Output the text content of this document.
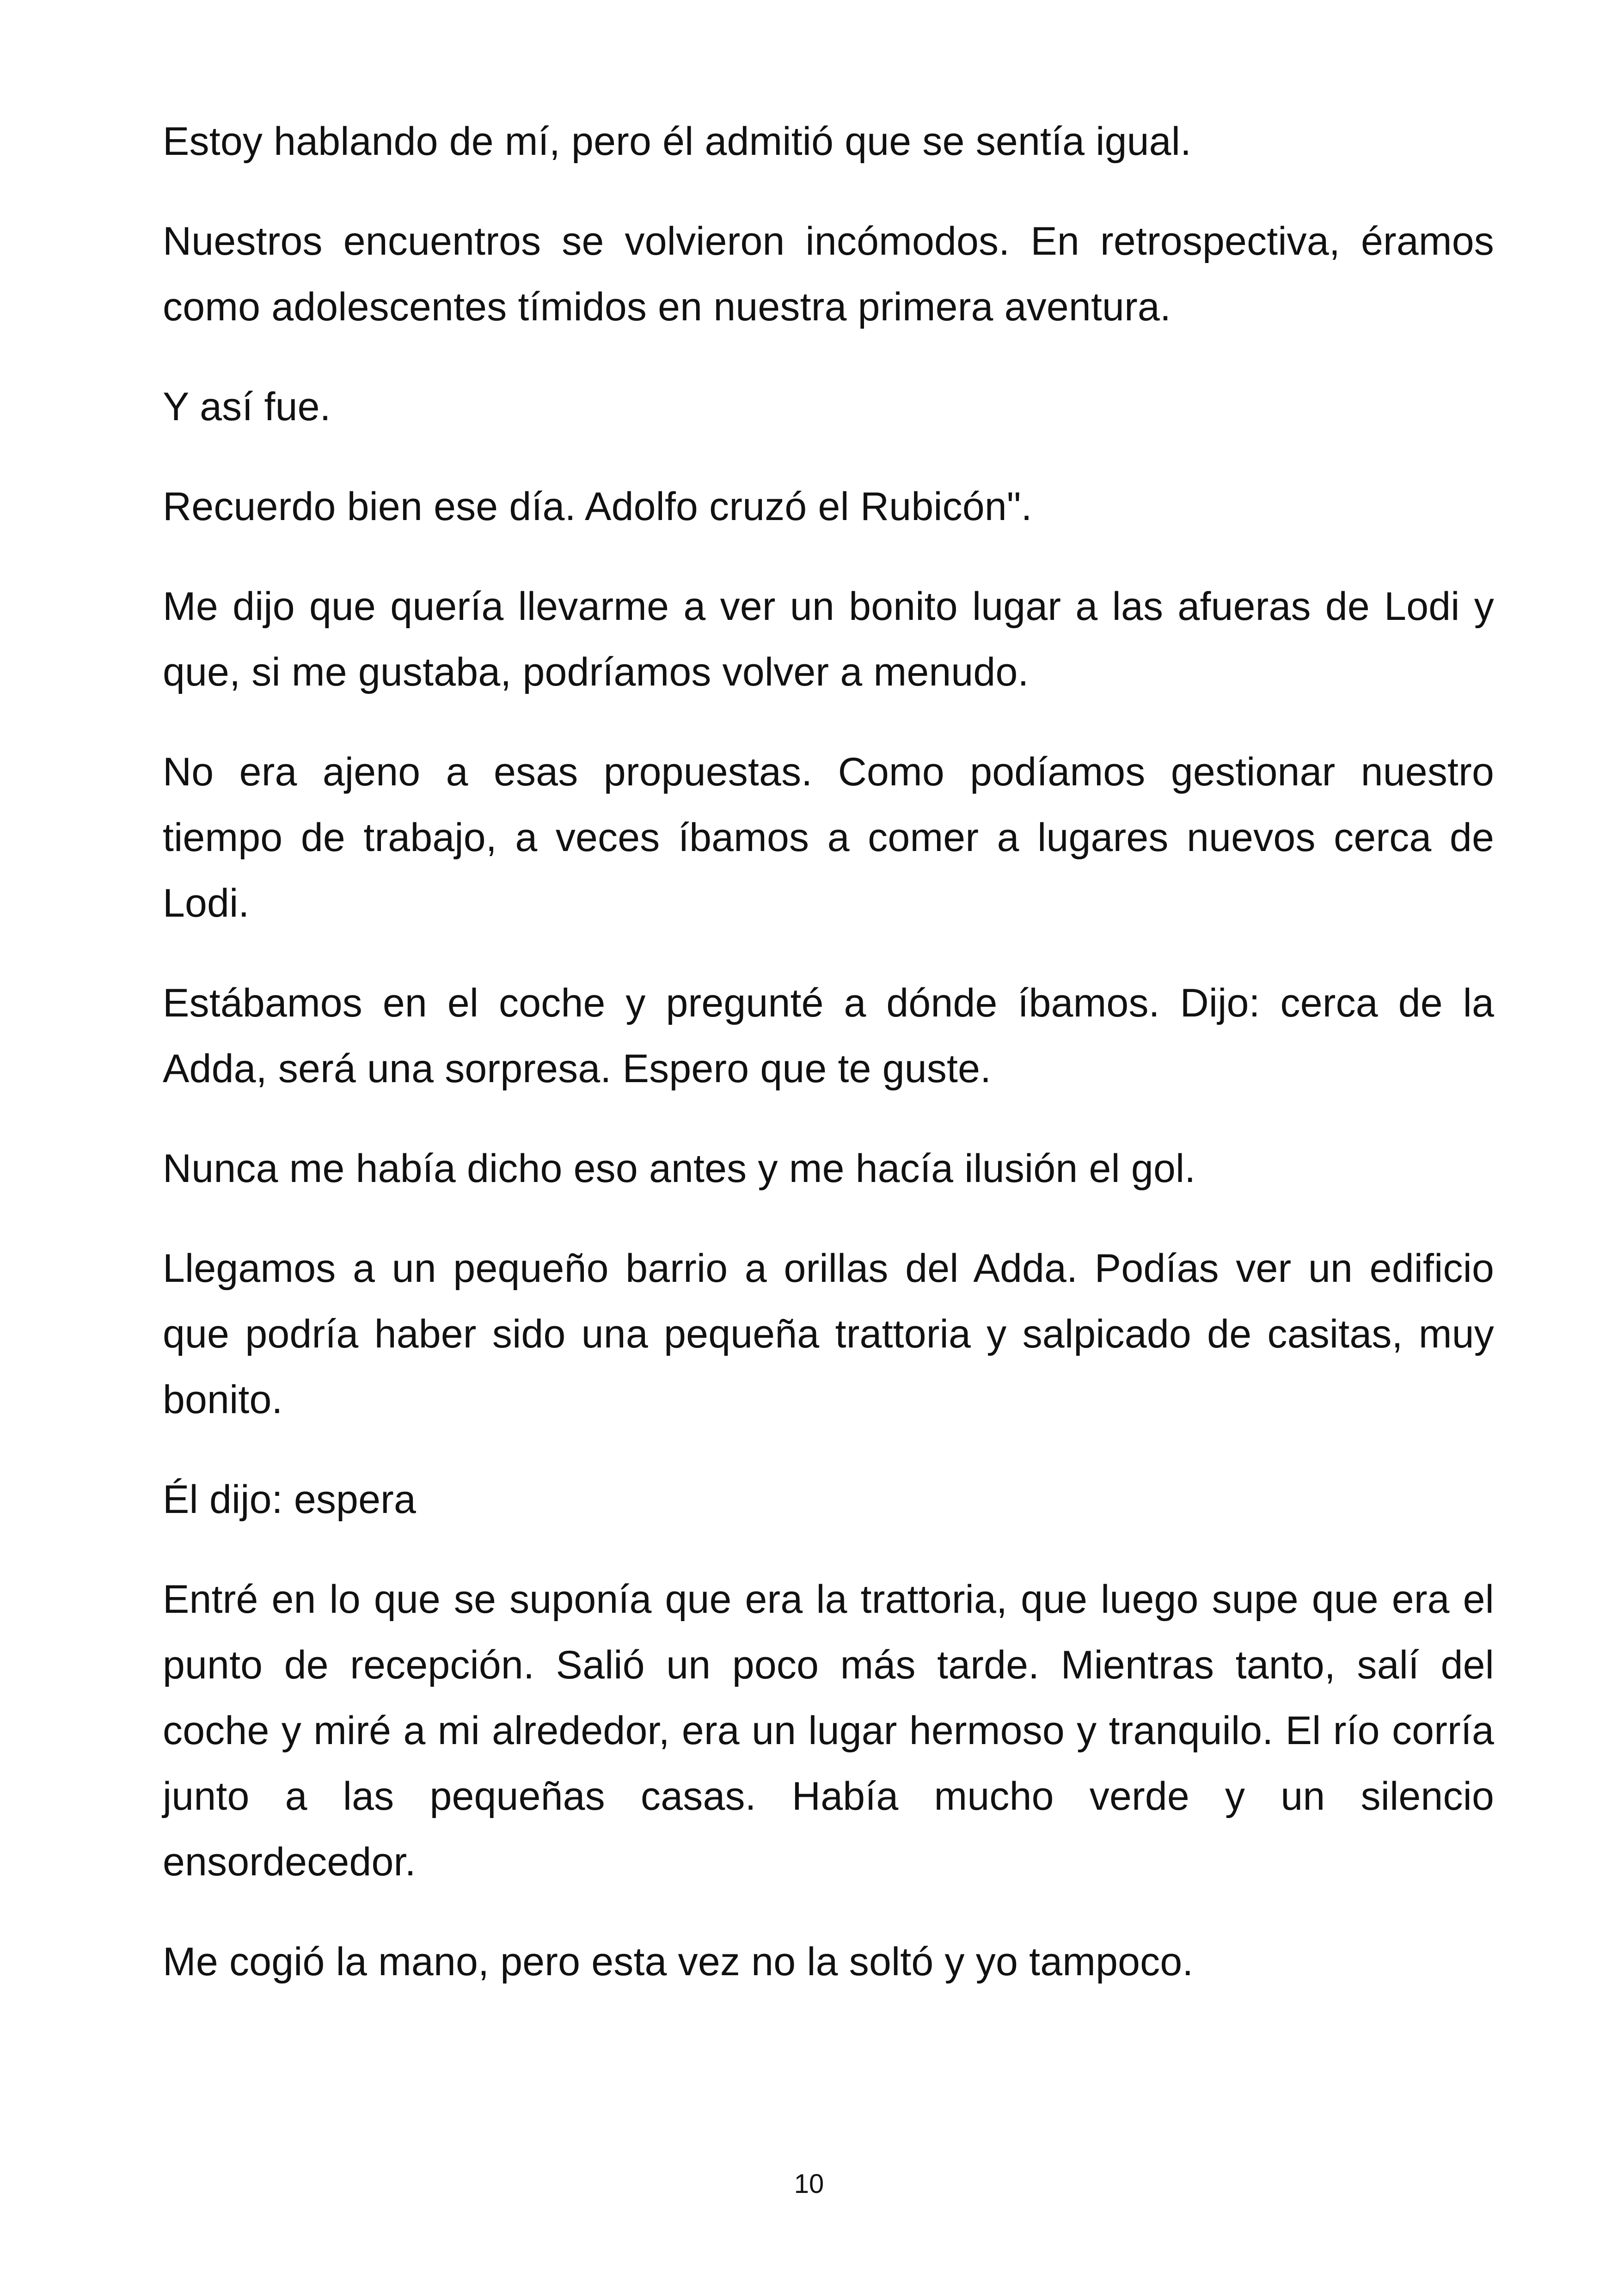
Estoy hablando de mí, pero él admitió que se sentía igual.

Nuestros encuentros se volvieron incómodos. En retrospectiva, éramos como adolescentes tímidos en nuestra primera aventura.

Y así fue.

Recuerdo bien ese día. Adolfo cruzó el Rubicón".

Me dijo que quería llevarme a ver un bonito lugar a las afueras de Lodi y que, si me gustaba, podríamos volver a menudo.

No era ajeno a esas propuestas. Como podíamos gestionar nuestro tiempo de trabajo, a veces íbamos a comer a lugares nuevos cerca de Lodi.

Estábamos en el coche y pregunté a dónde íbamos. Dijo: cerca de la Adda, será una sorpresa. Espero que te guste.

Nunca me había dicho eso antes y me hacía ilusión el gol.

Llegamos a un pequeño barrio a orillas del Adda. Podías ver un edificio que podría haber sido una pequeña trattoria y salpicado de casitas, muy bonito.

Él dijo: espera

Entré en lo que se suponía que era la trattoria, que luego supe que era el punto de recepción. Salió un poco más tarde. Mientras tanto, salí del coche y miré a mi alrededor, era un lugar hermoso y tranquilo. El río corría junto a las pequeñas casas. Había mucho verde y un silencio ensordecedor.

Me cogió la mano, pero esta vez no la soltó y yo tampoco.

10
